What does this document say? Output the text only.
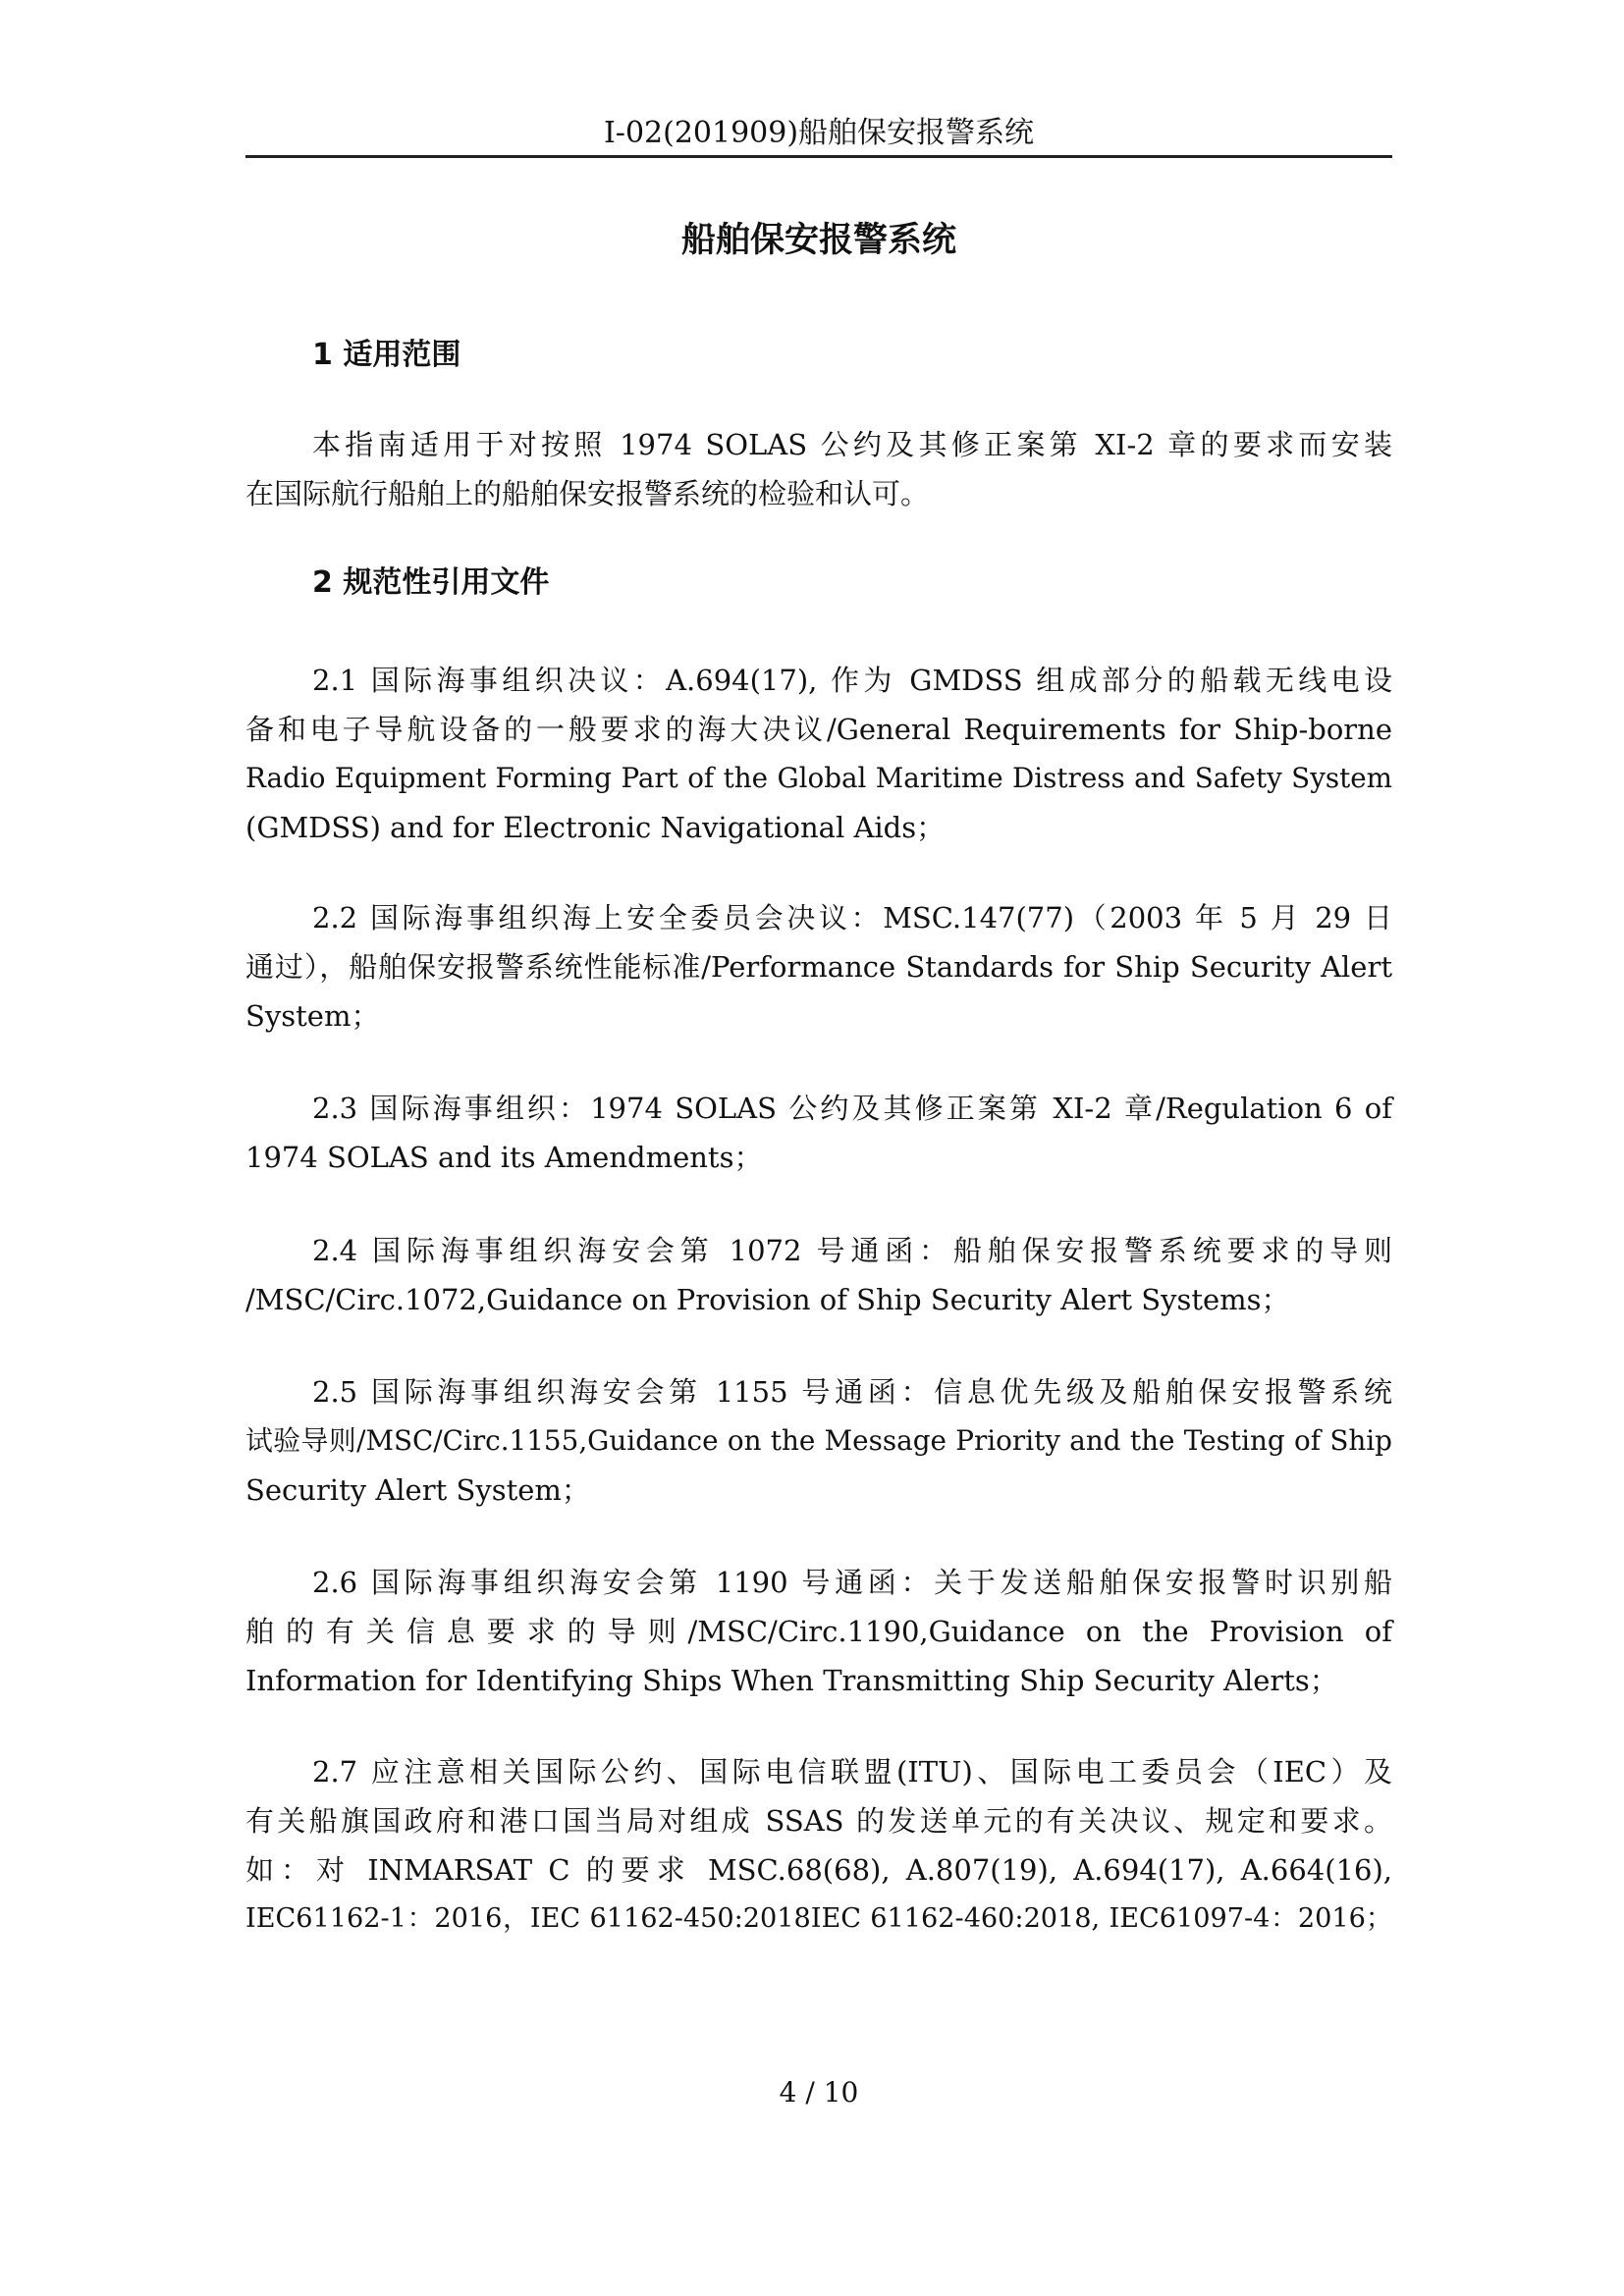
I-02(201909)船舶保安报警系统
船舶保安报警系统
1 适用范围
本指南适用于对按照 1974 SOLAS 公约及其修正案第 XI-2 章的要求而安装
在国际航行船舶上的船舶保安报警系统的检验和认可。
2 规范性引用文件
2.1 国际海事组织决议：A.694(17), 作为 GMDSS 组成部分的船载无线电设
备和电子导航设备的一般要求的海大决议/General Requirements for Ship-borne
Radio Equipment Forming Part of the Global Maritime Distress and Safety System
(GMDSS) and for Electronic Navigational Aids；
2.2 国际海事组织海上安全委员会决议：MSC.147(77)（2003 年 5 月 29 日
通过），船舶保安报警系统性能标准/Performance Standards for Ship Security Alert
System；
2.3 国际海事组织：1974 SOLAS 公约及其修正案第 XI-2 章/Regulation 6 of
1974 SOLAS and its Amendments；
2.4 国际海事组织海安会第 1072 号通函：船舶保安报警系统要求的导则
/MSC/Circ.1072,Guidance on Provision of Ship Security Alert Systems；
2.5 国际海事组织海安会第 1155 号通函：信息优先级及船舶保安报警系统
试验导则/MSC/Circ.1155,Guidance on the Message Priority and the Testing of Ship
Security Alert System；
2.6 国际海事组织海安会第 1190 号通函：关于发送船舶保安报警时识别船
舶的有关信息要求的导则/MSC/Circ.1190,Guidance on the Provision of
Information for Identifying Ships When Transmitting Ship Security Alerts；
2.7 应注意相关国际公约、国际电信联盟(ITU)、国际电工委员会（IEC）及
有关船旗国政府和港口国当局对组成 SSAS 的发送单元的有关决议、规定和要求。
如：对 INMARSAT C 的要求 MSC.68(68), A.807(19), A.694(17), A.664(16),
IEC61162-1：2016，IEC 61162-450:2018IEC 61162-460:2018, IEC61097-4：2016；
4 / 10
